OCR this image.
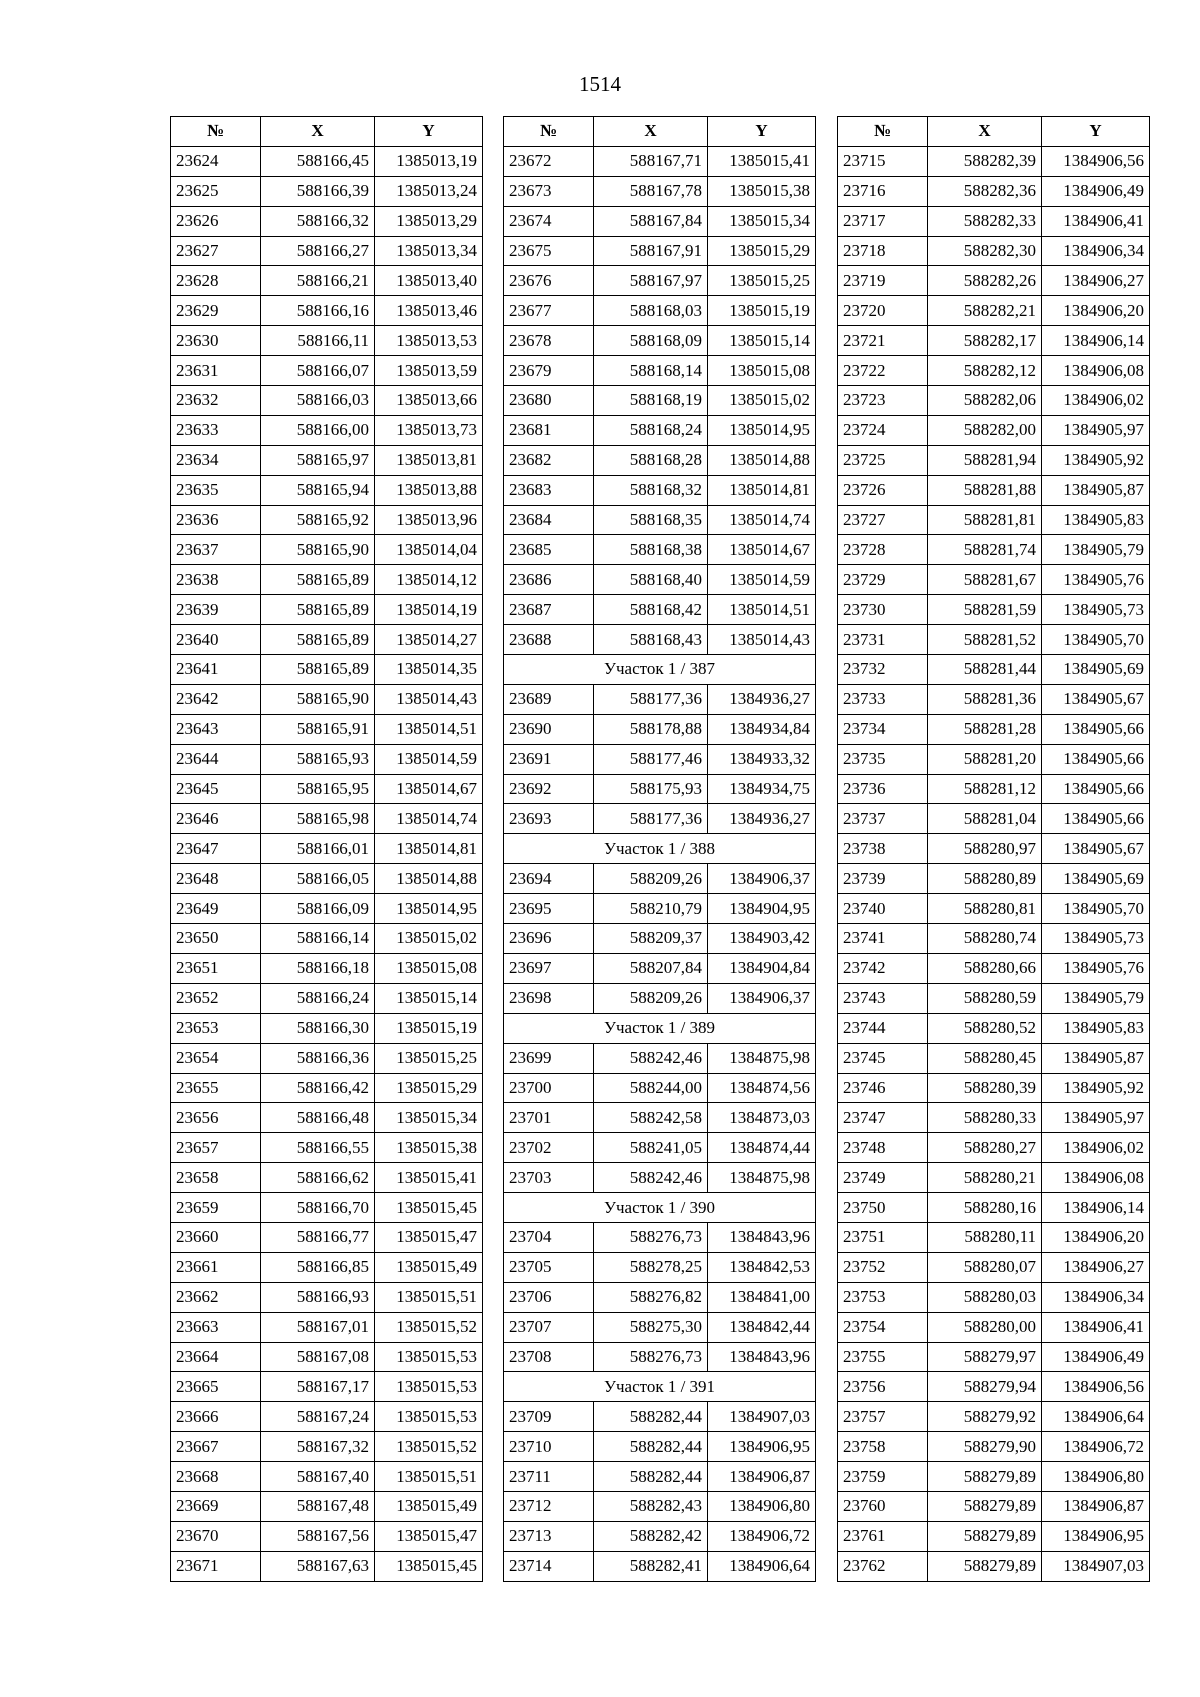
1514
№	X	Y
23624	588166,45	1385013,19
23625	588166,39	1385013,24
23626	588166,32	1385013,29
23627	588166,27	1385013,34
23628	588166,21	1385013,40
23629	588166,16	1385013,46
23630	588166,11	1385013,53
23631	588166,07	1385013,59
23632	588166,03	1385013,66
23633	588166,00	1385013,73
23634	588165,97	1385013,81
23635	588165,94	1385013,88
23636	588165,92	1385013,96
23637	588165,90	1385014,04
23638	588165,89	1385014,12
23639	588165,89	1385014,19
23640	588165,89	1385014,27
23641	588165,89	1385014,35
23642	588165,90	1385014,43
23643	588165,91	1385014,51
23644	588165,93	1385014,59
23645	588165,95	1385014,67
23646	588165,98	1385014,74
23647	588166,01	1385014,81
23648	588166,05	1385014,88
23649	588166,09	1385014,95
23650	588166,14	1385015,02
23651	588166,18	1385015,08
23652	588166,24	1385015,14
23653	588166,30	1385015,19
23654	588166,36	1385015,25
23655	588166,42	1385015,29
23656	588166,48	1385015,34
23657	588166,55	1385015,38
23658	588166,62	1385015,41
23659	588166,70	1385015,45
23660	588166,77	1385015,47
23661	588166,85	1385015,49
23662	588166,93	1385015,51
23663	588167,01	1385015,52
23664	588167,08	1385015,53
23665	588167,17	1385015,53
23666	588167,24	1385015,53
23667	588167,32	1385015,52
23668	588167,40	1385015,51
23669	588167,48	1385015,49
23670	588167,56	1385015,47
23671	588167,63	1385015,45
№	X	Y
23672	588167,71	1385015,41
23673	588167,78	1385015,38
23674	588167,84	1385015,34
23675	588167,91	1385015,29
23676	588167,97	1385015,25
23677	588168,03	1385015,19
23678	588168,09	1385015,14
23679	588168,14	1385015,08
23680	588168,19	1385015,02
23681	588168,24	1385014,95
23682	588168,28	1385014,88
23683	588168,32	1385014,81
23684	588168,35	1385014,74
23685	588168,38	1385014,67
23686	588168,40	1385014,59
23687	588168,42	1385014,51
23688	588168,43	1385014,43
Участок 1 / 387		
23689	588177,36	1384936,27
23690	588178,88	1384934,84
23691	588177,46	1384933,32
23692	588175,93	1384934,75
23693	588177,36	1384936,27
Участок 1 / 388		
23694	588209,26	1384906,37
23695	588210,79	1384904,95
23696	588209,37	1384903,42
23697	588207,84	1384904,84
23698	588209,26	1384906,37
Участок 1 / 389		
23699	588242,46	1384875,98
23700	588244,00	1384874,56
23701	588242,58	1384873,03
23702	588241,05	1384874,44
23703	588242,46	1384875,98
Участок 1 / 390		
23704	588276,73	1384843,96
23705	588278,25	1384842,53
23706	588276,82	1384841,00
23707	588275,30	1384842,44
23708	588276,73	1384843,96
Участок 1 / 391		
23709	588282,44	1384907,03
23710	588282,44	1384906,95
23711	588282,44	1384906,87
23712	588282,43	1384906,80
23713	588282,42	1384906,72
23714	588282,41	1384906,64
№	X	Y
23715	588282,39	1384906,56
23716	588282,36	1384906,49
23717	588282,33	1384906,41
23718	588282,30	1384906,34
23719	588282,26	1384906,27
23720	588282,21	1384906,20
23721	588282,17	1384906,14
23722	588282,12	1384906,08
23723	588282,06	1384906,02
23724	588282,00	1384905,97
23725	588281,94	1384905,92
23726	588281,88	1384905,87
23727	588281,81	1384905,83
23728	588281,74	1384905,79
23729	588281,67	1384905,76
23730	588281,59	1384905,73
23731	588281,52	1384905,70
23732	588281,44	1384905,69
23733	588281,36	1384905,67
23734	588281,28	1384905,66
23735	588281,20	1384905,66
23736	588281,12	1384905,66
23737	588281,04	1384905,66
23738	588280,97	1384905,67
23739	588280,89	1384905,69
23740	588280,81	1384905,70
23741	588280,74	1384905,73
23742	588280,66	1384905,76
23743	588280,59	1384905,79
23744	588280,52	1384905,83
23745	588280,45	1384905,87
23746	588280,39	1384905,92
23747	588280,33	1384905,97
23748	588280,27	1384906,02
23749	588280,21	1384906,08
23750	588280,16	1384906,14
23751	588280,11	1384906,20
23752	588280,07	1384906,27
23753	588280,03	1384906,34
23754	588280,00	1384906,41
23755	588279,97	1384906,49
23756	588279,94	1384906,56
23757	588279,92	1384906,64
23758	588279,90	1384906,72
23759	588279,89	1384906,80
23760	588279,89	1384906,87
23761	588279,89	1384906,95
23762	588279,89	1384907,03
